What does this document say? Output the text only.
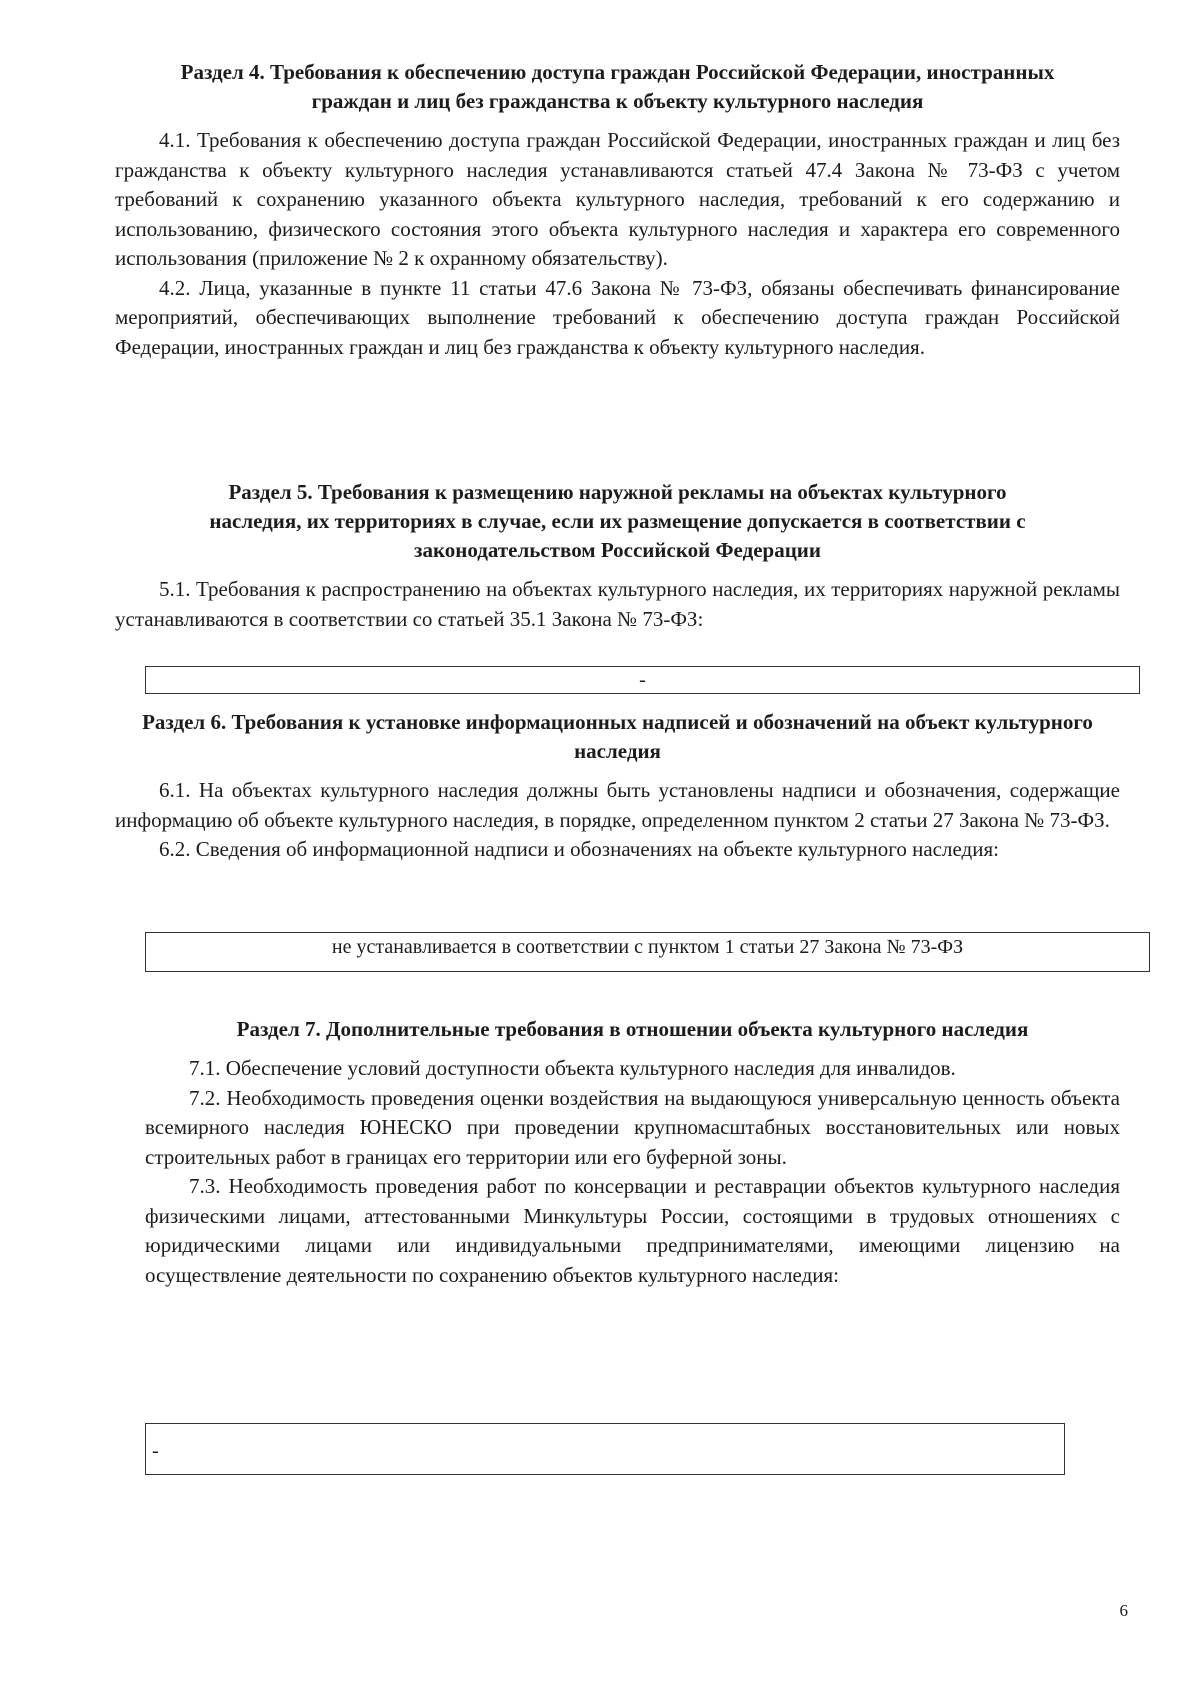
Раздел 4. Требования к обеспечению доступа граждан Российской Федерации, иностранных граждан и лиц без гражданства к объекту культурного наследия

4.1. Требования к обеспечению доступа граждан Российской Федерации, иностранных граждан и лиц без гражданства к объекту культурного наследия устанавливаются статьей 47.4 Закона № 73-ФЗ с учетом требований к сохранению указанного объекта культурного наследия, требований к его содержанию и использованию, физического состояния этого объекта культурного наследия и характера его современного использования (приложение № 2 к охранному обязательству).

4.2. Лица, указанные в пункте 11 статьи 47.6 Закона № 73-ФЗ, обязаны обеспечивать финансирование мероприятий, обеспечивающих выполнение требований к обеспечению доступа граждан Российской Федерации, иностранных граждан и лиц без гражданства к объекту культурного наследия.

Раздел 5. Требования к размещению наружной рекламы на объектах культурного наследия, их территориях в случае, если их размещение допускается в соответствии с законодательством Российской Федерации

5.1. Требования к распространению на объектах культурного наследия, их территориях наружной рекламы устанавливаются в соответствии со статьей 35.1 Закона № 73-ФЗ:

-

Раздел 6. Требования к установке информационных надписей и обозначений на объект культурного наследия

6.1. На объектах культурного наследия должны быть установлены надписи и обозначения, содержащие информацию об объекте культурного наследия, в порядке, определенном пунктом 2 статьи 27 Закона № 73-ФЗ.

6.2. Сведения об информационной надписи и обозначениях на объекте культурного наследия:

не устанавливается в соответствии с пунктом 1 статьи 27 Закона № 73-ФЗ

Раздел 7. Дополнительные требования в отношении объекта культурного наследия

7.1. Обеспечение условий доступности объекта культурного наследия для инвалидов.

7.2. Необходимость проведения оценки воздействия на выдающуюся универсальную ценность объекта всемирного наследия ЮНЕСКО при проведении крупномасштабных восстановительных или новых строительных работ в границах его территории или его буферной зоны.

7.3. Необходимость проведения работ по консервации и реставрации объектов культурного наследия физическими лицами, аттестованными Минкультуры России, состоящими в трудовых отношениях с юридическими лицами или индивидуальными предпринимателями, имеющими лицензию на осуществление деятельности по сохранению объектов культурного наследия:

-
6
